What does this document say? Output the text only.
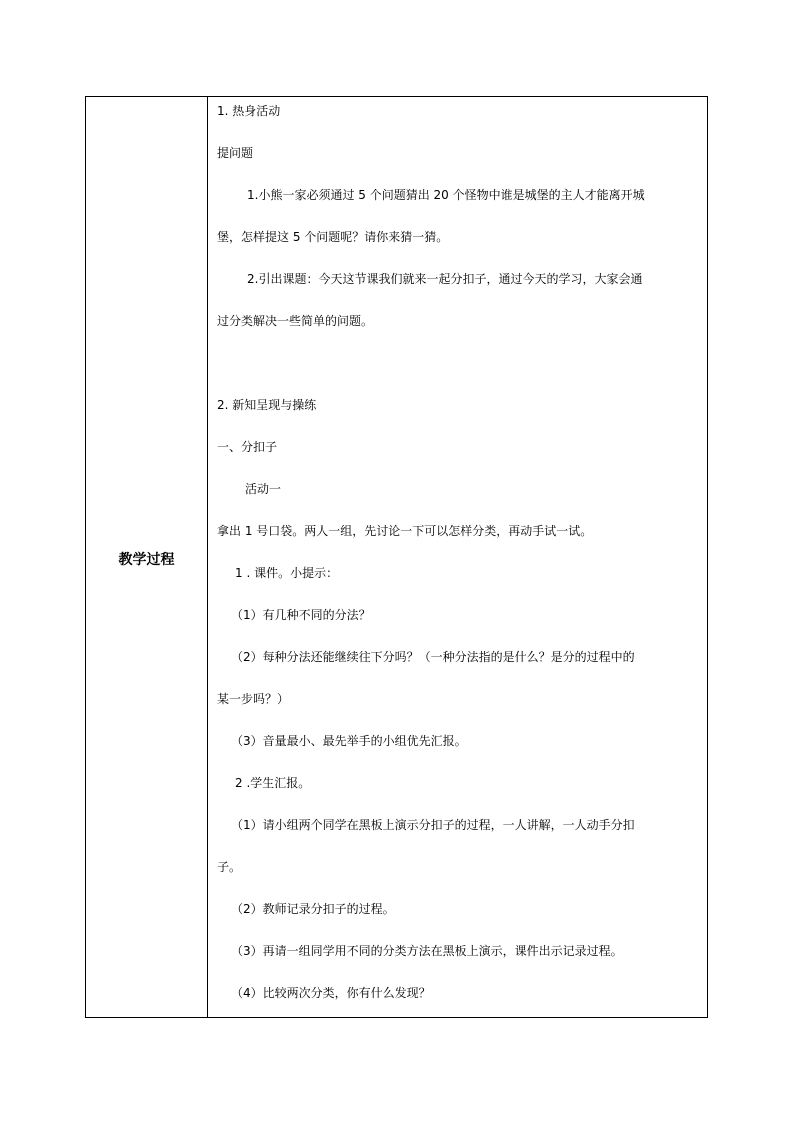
教学过程
1. 热身活动
提问题
1.小熊一家必须通过 5 个问题猜出 20 个怪物中谁是城堡的主人才能离开城
堡，怎样提这 5 个问题呢？请你来猜一猜。
2.引出课题：今天这节课我们就来一起分扣子，通过今天的学习，大家会通
过分类解决一些简单的问题。
2. 新知呈现与操练
一、分扣子
活动一
拿出 1 号口袋。两人一组，先讨论一下可以怎样分类，再动手试一试。
1 . 课件。小提示：
（1）有几种不同的分法？
（2）每种分法还能继续往下分吗？（一种分法指的是什么？是分的过程中的
某一步吗？）
（3）音量最小、最先举手的小组优先汇报。
2 .学生汇报。
（1）请小组两个同学在黑板上演示分扣子的过程，一人讲解，一人动手分扣
子。
（2）教师记录分扣子的过程。
（3）再请一组同学用不同的分类方法在黑板上演示，课件出示记录过程。
（4）比较两次分类，你有什么发现？
